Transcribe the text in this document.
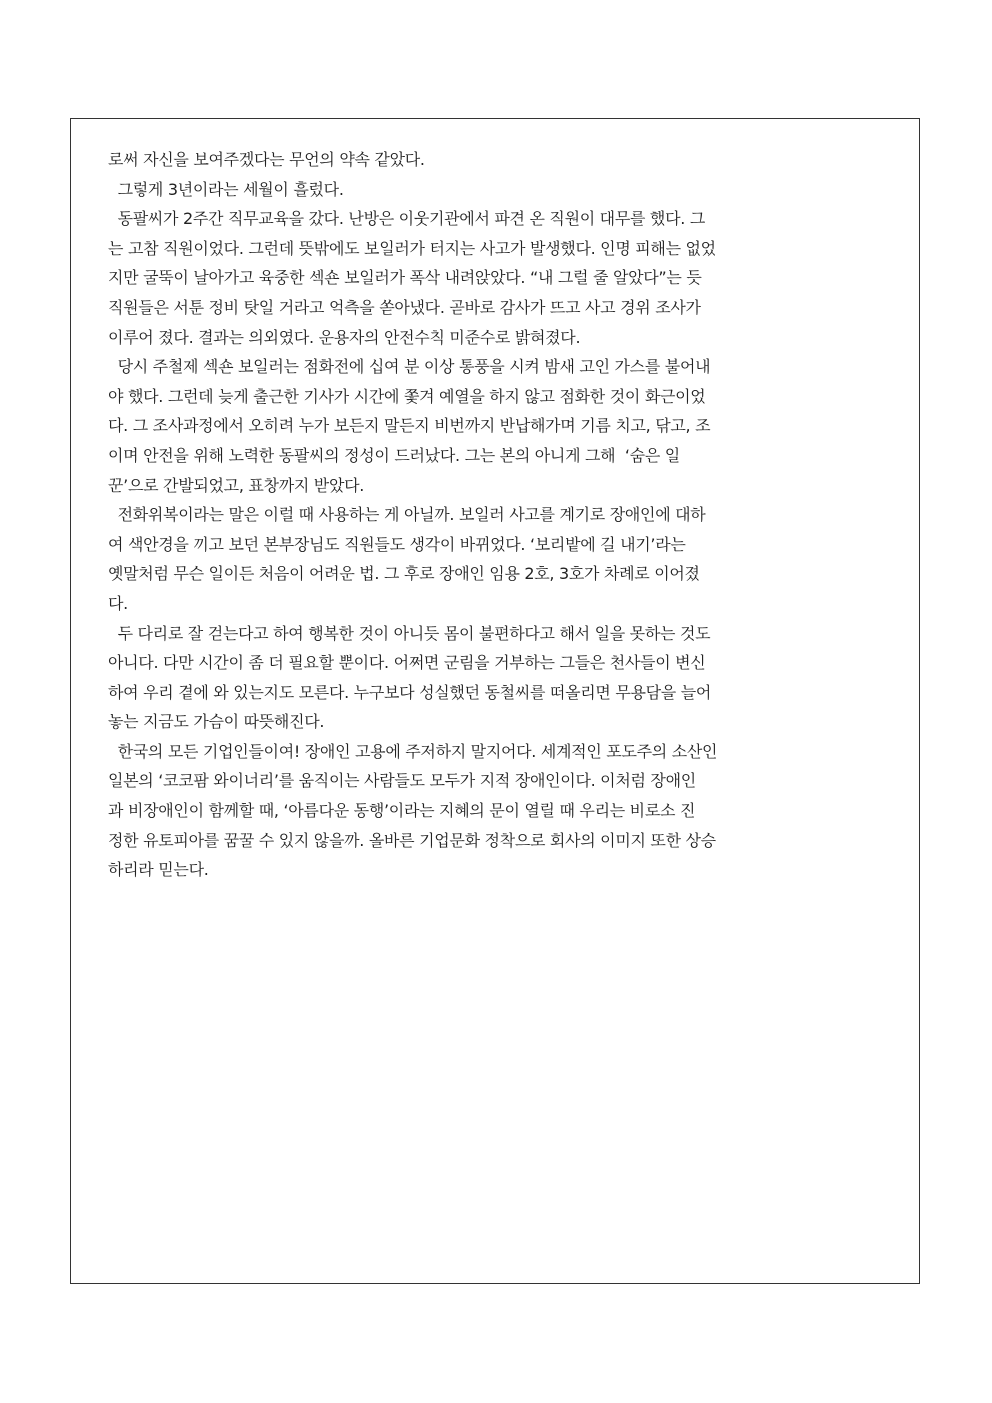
로써 자신을 보여주겠다는 무언의 약속 같았다.
그렇게 3년이라는 세월이 흘렀다.
동팔씨가 2주간 직무교육을 갔다. 난방은 이웃기관에서 파견 온 직원이 대무를 했다. 그
는 고참 직원이었다. 그런데 뜻밖에도 보일러가 터지는 사고가 발생했다. 인명 피해는 없었
지만 굴뚝이 날아가고 육중한 섹숀 보일러가 폭삭 내려앉았다. “내 그럴 줄 알았다”는 듯
직원들은 서툰 정비 탓일 거라고 억측을 쏟아냈다. 곧바로 감사가 뜨고 사고 경위 조사가
이루어 졌다. 결과는 의외였다. 운용자의 안전수칙 미준수로 밝혀졌다.
당시 주철제 섹숀 보일러는 점화전에 십여 분 이상 통풍을 시켜 밤새 고인 가스를 불어내
야 했다. 그런데 늦게 출근한 기사가 시간에 쫓겨 예열을 하지 않고 점화한 것이 화근이었
다. 그 조사과정에서 오히려 누가 보든지 말든지 비번까지 반납해가며 기름 치고, 닦고, 조
이며 안전을 위해 노력한 동팔씨의 정성이 드러났다. 그는 본의 아니게 그해  ‘숨은 일
꾼’으로 간발되었고, 표창까지 받았다.
전화위복이라는 말은 이럴 때 사용하는 게 아닐까. 보일러 사고를 계기로 장애인에 대하
여 색안경을 끼고 보던 본부장님도 직원들도 생각이 바뀌었다. ‘보리밭에 길 내기’라는
옛말처럼 무슨 일이든 처음이 어려운 법. 그 후로 장애인 임용 2호, 3호가 차례로 이어졌
다.
두 다리로 잘 걷는다고 하여 행복한 것이 아니듯 몸이 불편하다고 해서 일을 못하는 것도
아니다. 다만 시간이 좀 더 필요할 뿐이다. 어쩌면 군림을 거부하는 그들은 천사들이 변신
하여 우리 곁에 와 있는지도 모른다. 누구보다 성실했던 동철씨를 떠올리면 무용담을 늘어
놓는 지금도 가슴이 따뜻해진다.
한국의 모든 기업인들이여! 장애인 고용에 주저하지 말지어다. 세계적인 포도주의 소산인
일본의 ‘코코팜 와이너리’를 움직이는 사람들도 모두가 지적 장애인이다. 이처럼 장애인
과 비장애인이 함께할 때, ‘아름다운 동행’이라는 지혜의 문이 열릴 때 우리는 비로소 진
정한 유토피아를 꿈꿀 수 있지 않을까. 올바른 기업문화 정착으로 회사의 이미지 또한 상승
하리라 믿는다.
